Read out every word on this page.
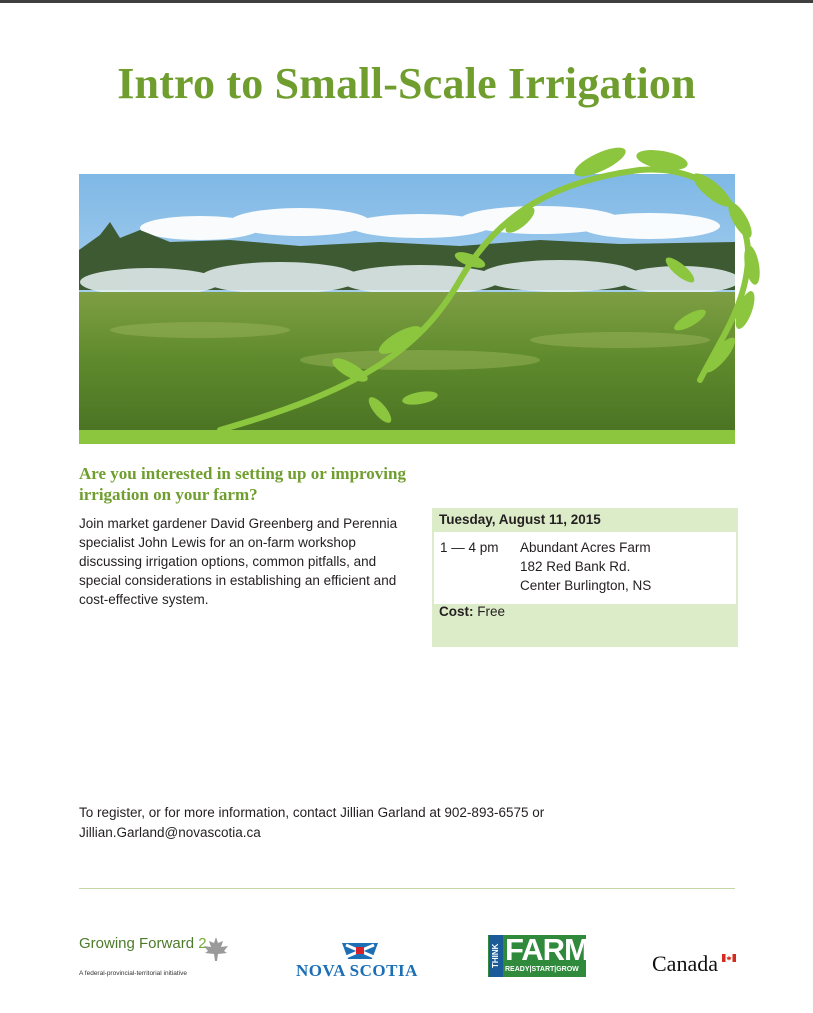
Intro to Small-Scale Irrigation
Are you interested in setting up or improving irrigation on your farm?

Join market gardener David Greenberg and Perennia specialist John Lewis for an on-farm workshop discussing irrigation options, common pitfalls, and special considerations in establishing an efficient and cost-effective system.

Tuesday, August 11, 2015
1 — 4 pm Abundant Acres Farm
182 Red Bank Rd.
Center Burlington, NS
Cost: Free
To register, or for more information, contact Jillian Garland at 902-893-6575 or
Jillian.Garland@novascotia.ca
Growing Forward 2
A federal-provincial-territorial initiative	NOVA SCOTIA
THINK FARM
READY|START|GROW	Canada
